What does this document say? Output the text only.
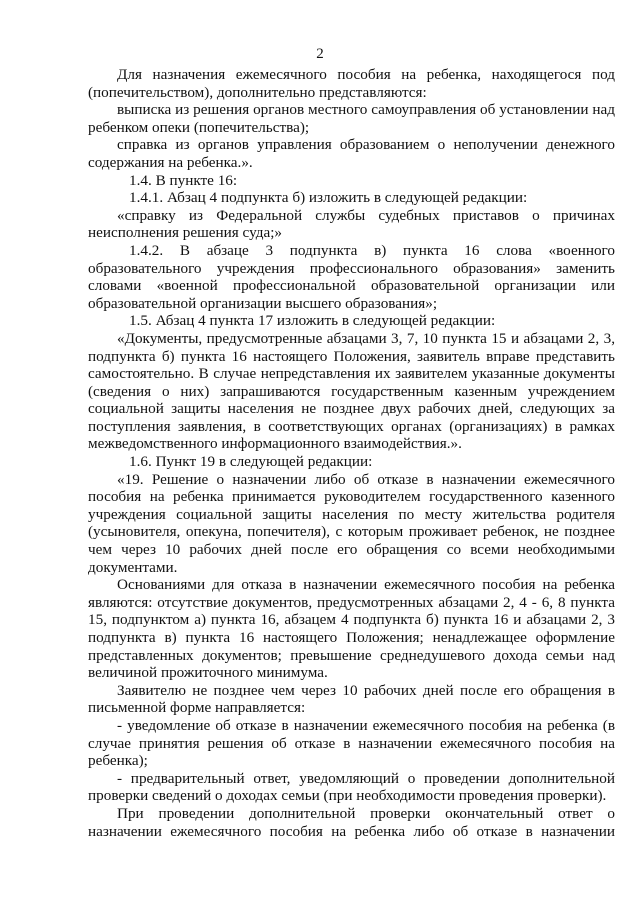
2
Для назначения ежемесячного пособия на ребенка, находящегося под
(попечительством), дополнительно представляются:
выписка из решения органов местного самоуправления об установлении над
ребенком опеки (попечительства);
справка из органов управления образованием о неполучении денежного
содержания на ребенка.».
1.4. В пункте 16:
1.4.1. Абзац 4 подпункта б) изложить в следующей редакции:
«справку из Федеральной службы судебных приставов о причинах
неисполнения решения суда;»
1.4.2. В абзаце 3 подпункта в) пункта 16 слова «военного
образовательного учреждения профессионального образования» заменить
словами «военной профессиональной образовательной организации или
образовательной организации высшего образования»;
1.5. Абзац 4 пункта 17 изложить в следующей редакции:
«Документы, предусмотренные абзацами 3, 7, 10 пункта 15 и абзацами 2, 3,
подпункта б) пункта 16 настоящего Положения, заявитель вправе представить
самостоятельно. В случае непредставления их заявителем указанные документы
(сведения о них) запрашиваются государственным казенным учреждением
социальной защиты населения не позднее двух рабочих дней, следующих за
поступления заявления, в соответствующих органах (организациях) в рамках
межведомственного информационного взаимодействия.».
1.6. Пункт 19 в следующей редакции:
«19. Решение о назначении либо об отказе в назначении ежемесячного
пособия на ребенка принимается руководителем государственного казенного
учреждения социальной защиты населения по месту жительства родителя
(усыновителя, опекуна, попечителя), с которым проживает ребенок, не позднее
чем через 10 рабочих дней после его обращения со всеми необходимыми
документами.
Основаниями для отказа в назначении ежемесячного пособия на ребенка
являются: отсутствие документов, предусмотренных абзацами 2, 4 - 6, 8 пункта
15, подпунктом а) пункта 16, абзацем 4 подпункта б) пункта 16 и абзацами 2, 3
подпункта в) пункта 16 настоящего Положения; ненадлежащее оформление
представленных документов; превышение среднедушевого дохода семьи над
величиной прожиточного минимума.
Заявителю не позднее чем через 10 рабочих дней после его обращения в
письменной форме направляется:
- уведомление об отказе в назначении ежемесячного пособия на ребенка (в
случае принятия решения об отказе в назначении ежемесячного пособия на
ребенка);
- предварительный ответ, уведомляющий о проведении дополнительной
проверки сведений о доходах семьи (при необходимости проведения проверки).
При проведении дополнительной проверки окончательный ответ о
назначении ежемесячного пособия на ребенка либо об отказе в назначении
